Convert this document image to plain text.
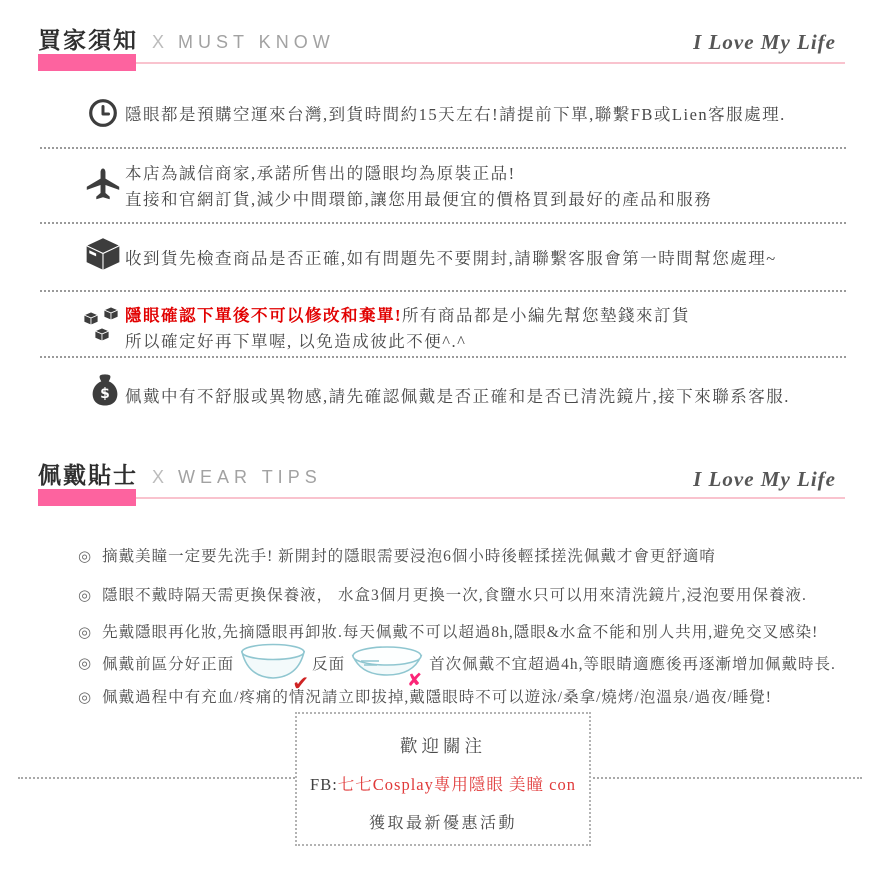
買家須知 X MUST KNOW	I Love My Life
隱眼都是預購空運來台灣,到貨時間約15天左右!請提前下單,聯繫FB或Lien客服處理.
本店為誠信商家,承諾所售出的隱眼均為原裝正品!
直接和官網訂貨,減少中間環節,讓您用最便宜的價格買到最好的產品和服務
收到貨先檢查商品是否正確,如有問題先不要開封,請聯繫客服會第一時間幫您處理~
隱眼確認下單後不可以修改和棄單!所有商品都是小編先幫您墊錢來訂貨
所以確定好再下單喔, 以免造成彼此不便^.^
$ 佩戴中有不舒服或異物感,請先確認佩戴是否正確和是否已清洗鏡片,接下來聯系客服.
佩戴貼士 X WEAR TIPS	I Love My Life
◎ 摘戴美瞳一定要先洗手! 新開封的隱眼需要浸泡6個小時後輕揉搓洗佩戴才會更舒適唷
◎ 隱眼不戴時隔天需更換保養液， 水盒3個月更換一次,食鹽水只可以用來清洗鏡片,浸泡要用保養液.
◎ 先戴隱眼再化妝,先摘隱眼再卸妝.每天佩戴不可以超過8h,隱眼&水盒不能和別人共用,避免交叉感染!
◎ 佩戴前區分好正面
✔
反面
✘
首次佩戴不宜超過4h,等眼睛適應後再逐漸增加佩戴時長.
◎ 佩戴過程中有充血/疼痛的情況請立即拔掉,戴隱眼時不可以遊泳/桑拿/燒烤/泡溫泉/過夜/睡覺!
歡迎關注
FB:七七Cosplay專用隱眼 美瞳 con
獲取最新優惠活動
